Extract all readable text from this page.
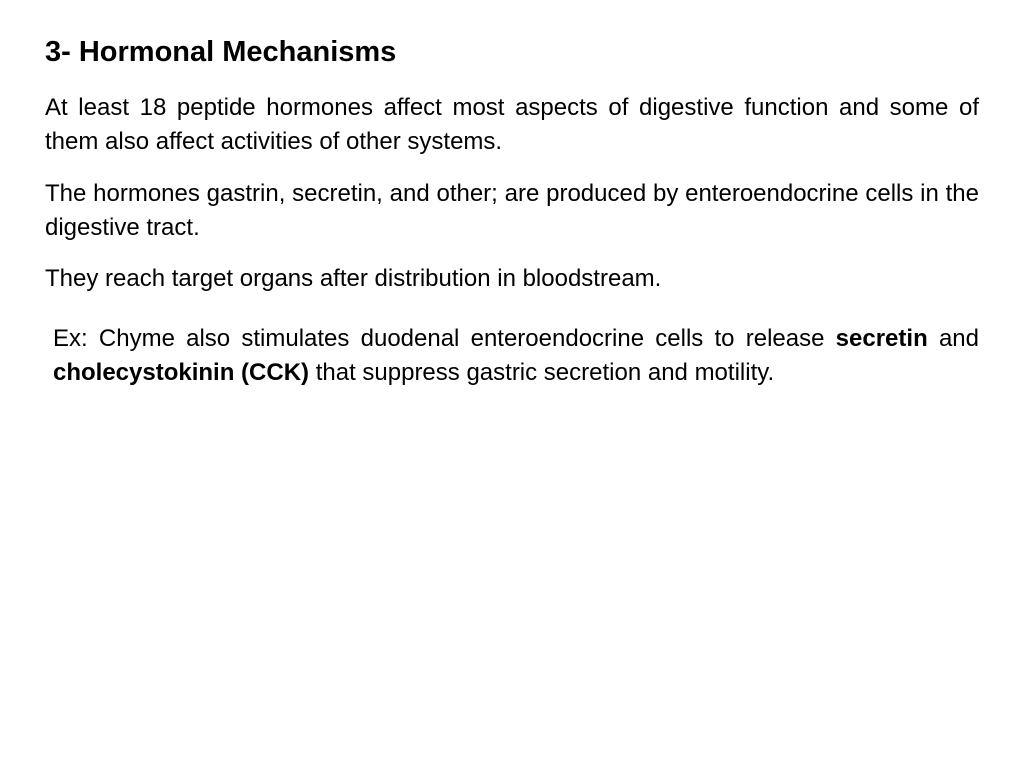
3- Hormonal Mechanisms

At least 18 peptide hormones affect most aspects of digestive function and some of them also affect activities of other systems.

The hormones gastrin, secretin, and other; are produced by enteroendocrine cells in the digestive tract.

They reach target organs after distribution in bloodstream.

Ex: Chyme also stimulates duodenal enteroendocrine cells to release secretin and cholecystokinin (CCK) that suppress gastric secretion and motility.
